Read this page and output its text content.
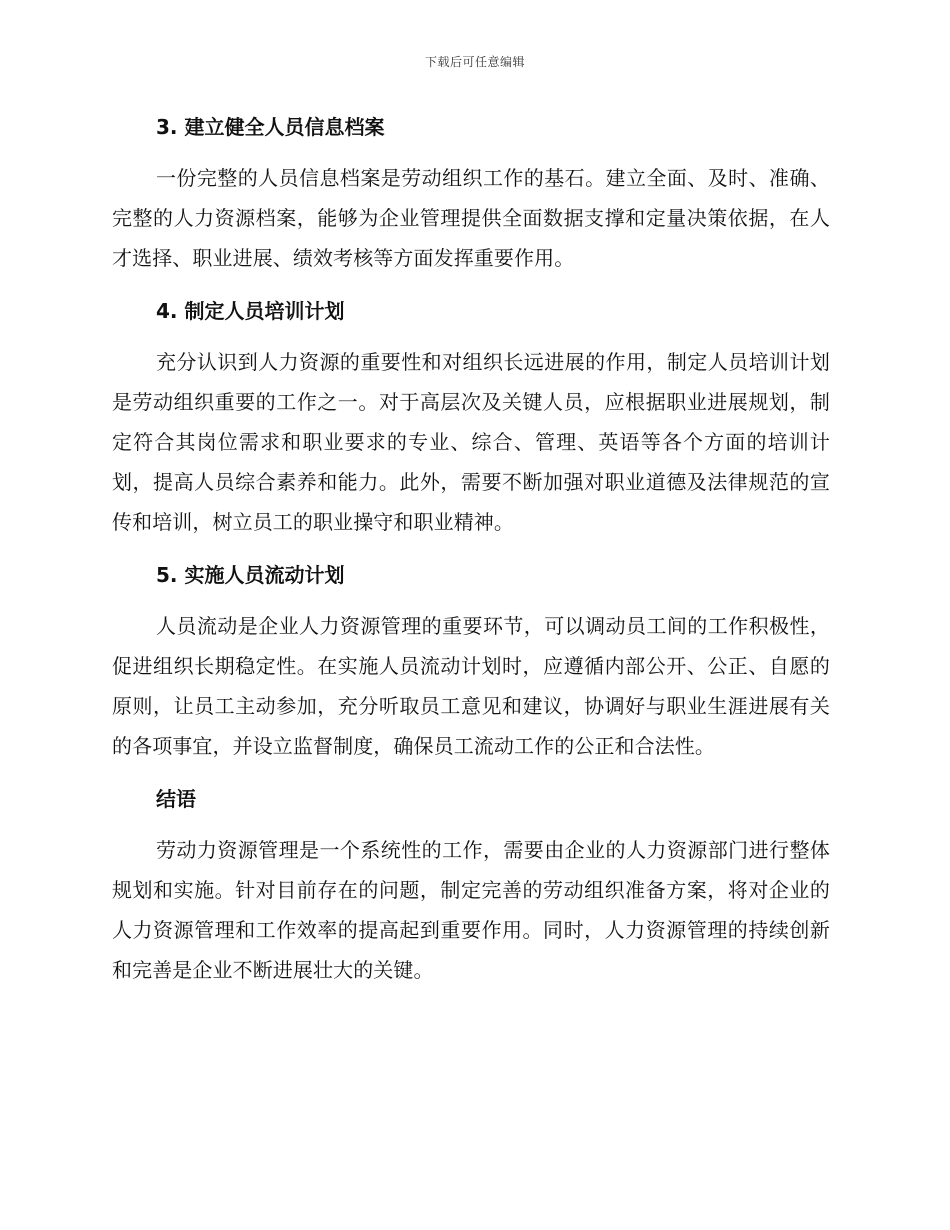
下载后可任意编辑
3. 建立健全人员信息档案

一份完整的人员信息档案是劳动组织工作的基石。建立全面、及时、准确、完整的人力资源档案，能够为企业管理提供全面数据支撑和定量决策依据，在人才选择、职业进展、绩效考核等方面发挥重要作用。

4. 制定人员培训计划

充分认识到人力资源的重要性和对组织长远进展的作用，制定人员培训计划是劳动组织重要的工作之一。对于高层次及关键人员，应根据职业进展规划，制定符合其岗位需求和职业要求的专业、综合、管理、英语等各个方面的培训计划，提高人员综合素养和能力。此外，需要不断加强对职业道德及法律规范的宣传和培训，树立员工的职业操守和职业精神。

5. 实施人员流动计划

人员流动是企业人力资源管理的重要环节，可以调动员工间的工作积极性，促进组织长期稳定性。在实施人员流动计划时，应遵循内部公开、公正、自愿的原则，让员工主动参加，充分听取员工意见和建议，协调好与职业生涯进展有关的各项事宜，并设立监督制度，确保员工流动工作的公正和合法性。

结语

劳动力资源管理是一个系统性的工作，需要由企业的人力资源部门进行整体规划和实施。针对目前存在的问题，制定完善的劳动组织准备方案，将对企业的人力资源管理和工作效率的提高起到重要作用。同时，人力资源管理的持续创新和完善是企业不断进展壮大的关键。
